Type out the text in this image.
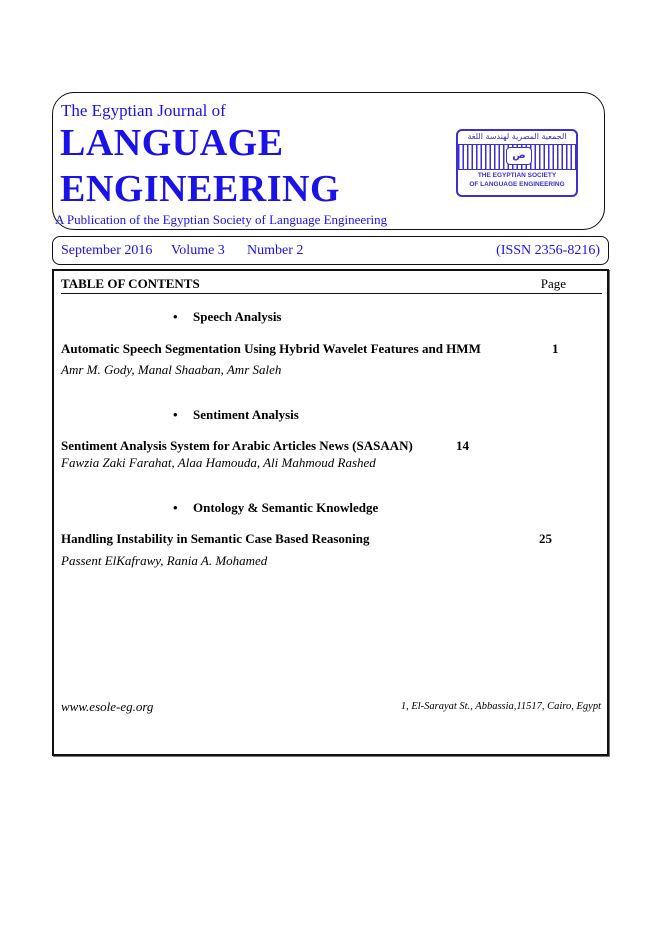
The Egyptian Journal of
LANGUAGE
ENGINEERING
A Publication of the Egyptian Society of Language Engineering
الجمعية المصرية لهندسة اللغة
ض
THE EGYPTIAN SOCIETY
OF LANGUAGE ENGINEERING
September 2016 Volume 3 Number 2	(ISSN 2356-8216)
TABLE OF CONTENTS	Page
• Speech Analysis
Automatic Speech Segmentation Using Hybrid Wavelet Features and HMM	1
Amr M. Gody, Manal Shaaban, Amr Saleh
• Sentiment Analysis
Sentiment Analysis System for Arabic Articles News (SASAAN)	14
Fawzia Zaki Farahat, Alaa Hamouda, Ali Mahmoud Rashed
• Ontology & Semantic Knowledge
Handling Instability in Semantic Case Based Reasoning	25
Passent ElKafrawy, Rania A. Mohamed
www.esole-eg.org	1, El-Sarayat St., Abbassia,11517, Cairo, Egypt
